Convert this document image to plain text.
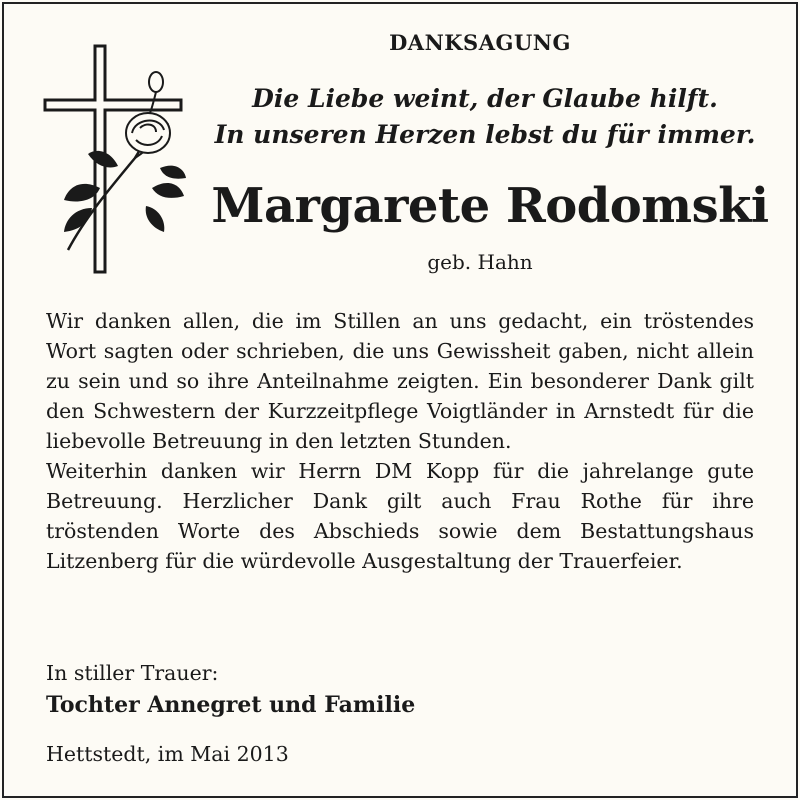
DANKSAGUNG
Die Liebe weint, der Glaube hilft.
In unseren Herzen lebst du für immer.
Margarete Rodomski
geb. Hahn

Wir danken allen, die im Stillen an uns gedacht, ein tröstendes Wort sagten oder schrieben, die uns Gewissheit gaben, nicht allein zu sein und so ihre Anteilnahme zeigten. Ein besonderer Dank gilt den Schwestern der Kurzzeitpflege Voigtländer in Arnstedt für die liebevolle Betreuung in den letzten Stunden.

Weiterhin danken wir Herrn DM Kopp für die jahrelange gute Betreuung. Herzlicher Dank gilt auch Frau Rothe für ihre tröstenden Worte des Abschieds sowie dem Bestattungshaus Litzenberg für die würdevolle Ausgestaltung der Trauerfeier.

In stiller Trauer:
Tochter Annegret und Familie
Hettstedt, im Mai 2013
